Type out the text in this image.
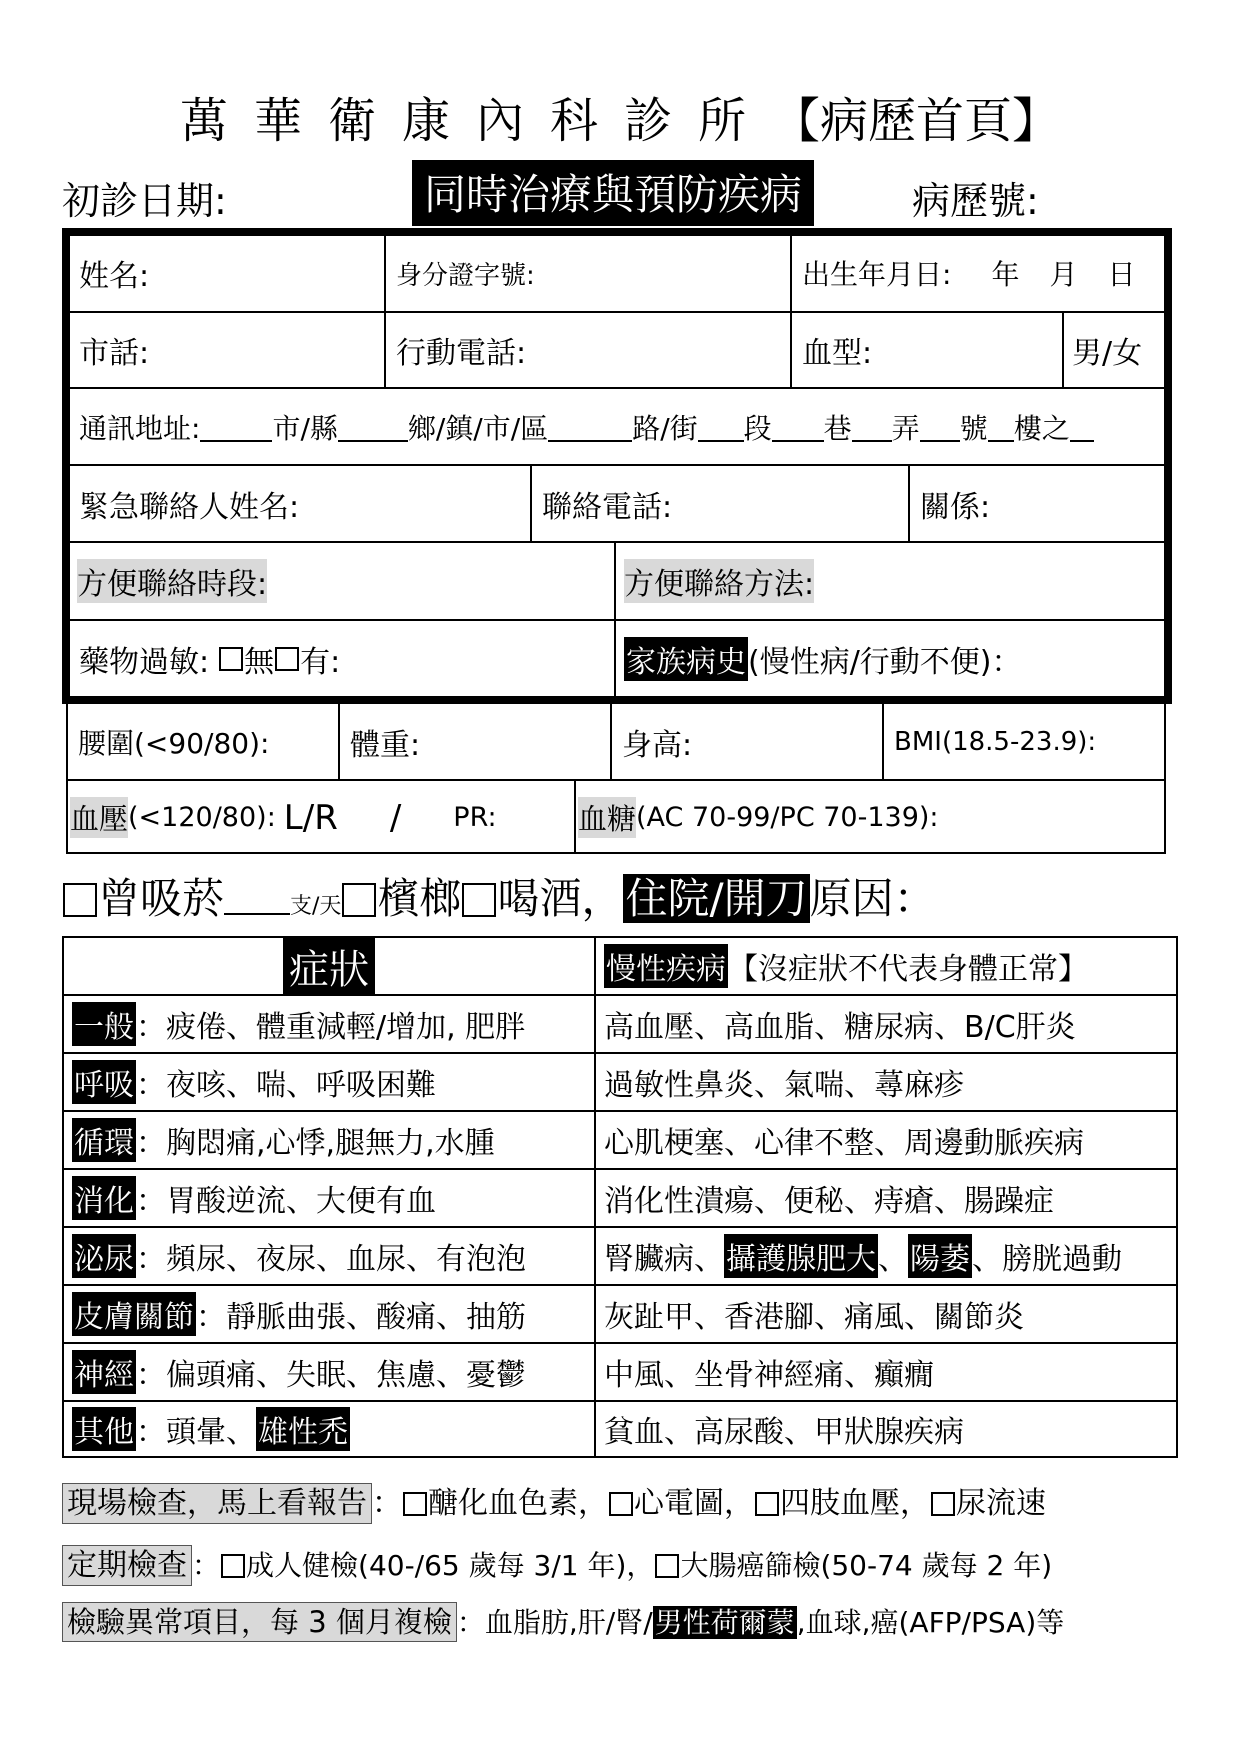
萬華衛康內科診所【病歷首頁】
初診日期:	同時治療與預防疾病	病歷號:
姓名:	身分證字號:	出生年月日: 年 月 日
市話:	行動電話:	血型:	男/女
通訊地址:	市/縣	鄉/鎮/市/區	路/街 段 巷 弄 號 樓之
緊急聯絡人姓名:	聯絡電話:	關係:
方便聯絡時段:	方便聯絡方法:
藥物過敏: 無 有:	家族病史 (慢性病/行動不便)：
腰圍(<90/80):	體重:	身高:	BMI(18.5-23.9):
血壓 (<120/80): L/R / PR:	血糖 (AC 70-99/PC 70-139):
曾吸菸	支/天 檳榔 喝酒，住院/開刀原因：
症狀	慢性疾病 【沒症狀不代表身體正常】
一般 ：疲倦、體重減輕/增加, 肥胖	高血壓、高血脂、糖尿病、B/C肝炎
呼吸 ：夜咳、喘、呼吸困難	過敏性鼻炎、氣喘、蕁麻疹
循環 ：胸悶痛,心悸,腿無力,水腫	心肌梗塞、心律不整、周邊動脈疾病
消化 ：胃酸逆流、大便有血	消化性潰瘍、便秘、痔瘡、腸躁症
泌尿 ：頻尿、夜尿、血尿、有泡泡	腎臟病、 攝護腺肥大 、 陽萎 、膀胱過動
皮膚關節 ：靜脈曲張、酸痛、抽筋	灰趾甲、香港腳、痛風、關節炎
神經 ：偏頭痛、失眠、焦慮、憂鬱	中風、坐骨神經痛、癲癇
其他 ：頭暈、 雄性禿	貧血、高尿酸、甲狀腺疾病
現場檢查，馬上看報告 ： 醣化血色素， 心電圖， 四肢血壓， 尿流速
定期檢查 ： 成人健檢(40-/65 歲每 3/1 年)， 大腸癌篩檢(50-74 歲每 2 年)
檢驗異常項目，每 3 個月複檢 ：血脂肪,肝/腎/男性荷爾蒙,血球,癌(AFP/PSA)等
